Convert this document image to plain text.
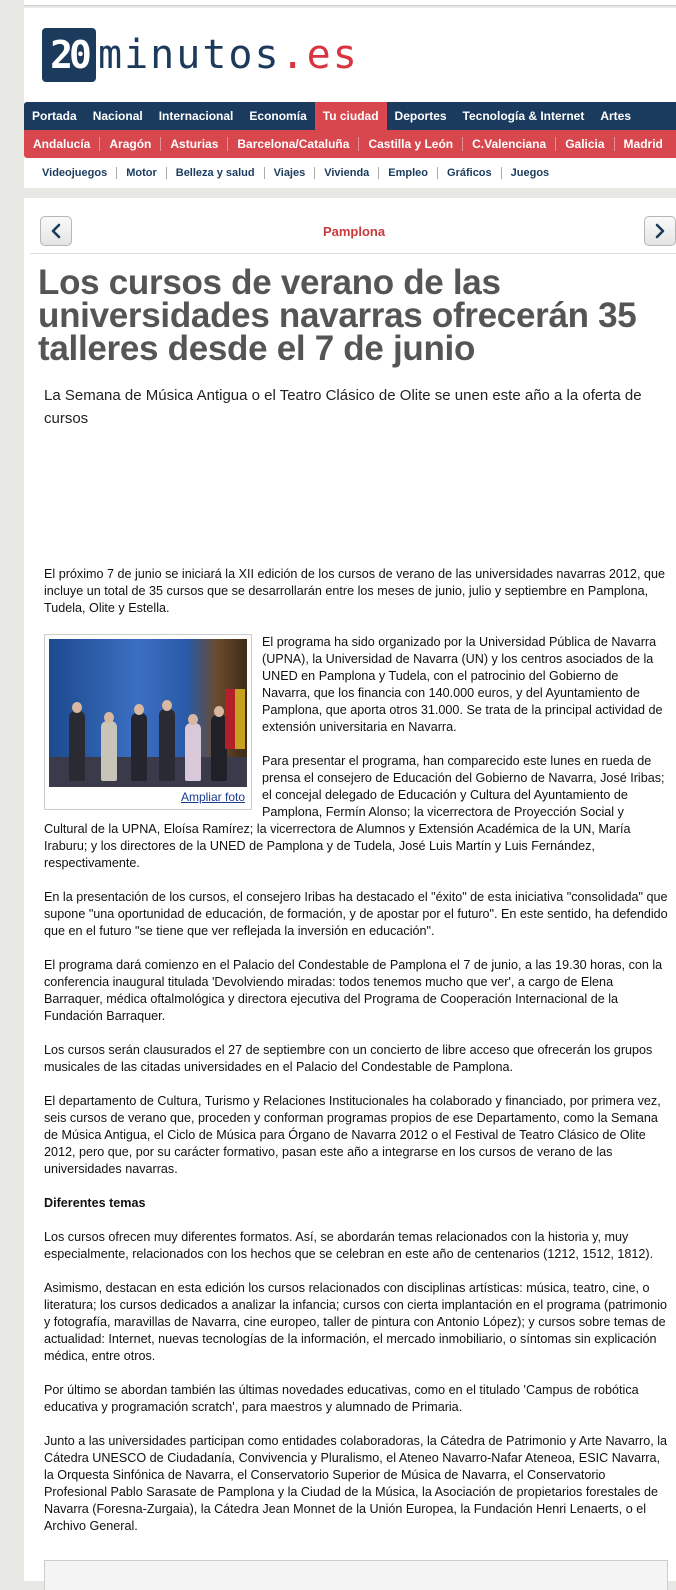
20 minutos.es
Portada	Nacional	Internacional	Economía	Tu ciudad	Deportes	Tecnología & Internet	Artes
Andalucía	Aragón	Asturias	Barcelona/Cataluña	Castilla y León	C.Valenciana	Galicia	Madrid
Videojuegos	Motor	Belleza y salud	Viajes	Vivienda	Empleo	Gráficos	Juegos
Pamplona
Los cursos de verano de las universidades navarras ofrecerán 35 talleres desde el 7 de junio
La Semana de Música Antigua o el Teatro Clásico de Olite se unen este año a la oferta de cursos

El próximo 7 de junio se iniciará la XII edición de los cursos de verano de las universidades navarras 2012, que incluye un total de 35 cursos que se desarrollarán entre los meses de junio, julio y septiembre en Pamplona, Tudela, Olite y Estella.

Ampliar foto

El programa ha sido organizado por la Universidad Pública de Navarra (UPNA), la Universidad de Navarra (UN) y los centros asociados de la UNED en Pamplona y Tudela, con el patrocinio del Gobierno de Navarra, que los financia con 140.000 euros, y del Ayuntamiento de Pamplona, que aporta otros 31.000. Se trata de la principal actividad de extensión universitaria en Navarra.

Para presentar el programa, han comparecido este lunes en rueda de prensa el consejero de Educación del Gobierno de Navarra, José Iribas; el concejal delegado de Educación y Cultura del Ayuntamiento de Pamplona, Fermín Alonso; la vicerrectora de Proyección Social y Cultural de la UPNA, Eloísa Ramírez; la vicerrectora de Alumnos y Extensión Académica de la UN, María Iraburu; y los directores de la UNED de Pamplona y de Tudela, José Luis Martín y Luis Fernández, respectivamente.

En la presentación de los cursos, el consejero Iribas ha destacado el "éxito" de esta iniciativa "consolidada" que supone "una oportunidad de educación, de formación, y de apostar por el futuro". En este sentido, ha defendido que en el futuro "se tiene que ver reflejada la inversión en educación".

El programa dará comienzo en el Palacio del Condestable de Pamplona el 7 de junio, a las 19.30 horas, con la conferencia inaugural titulada 'Devolviendo miradas: todos tenemos mucho que ver', a cargo de Elena Barraquer, médica oftalmológica y directora ejecutiva del Programa de Cooperación Internacional de la Fundación Barraquer.

Los cursos serán clausurados el 27 de septiembre con un concierto de libre acceso que ofrecerán los grupos musicales de las citadas universidades en el Palacio del Condestable de Pamplona.

El departamento de Cultura, Turismo y Relaciones Institucionales ha colaborado y financiado, por primera vez, seis cursos de verano que, proceden y conforman programas propios de ese Departamento, como la Semana de Música Antigua, el Ciclo de Música para Órgano de Navarra 2012 o el Festival de Teatro Clásico de Olite 2012, pero que, por su carácter formativo, pasan este año a integrarse en los cursos de verano de las universidades navarras.

Diferentes temas

Los cursos ofrecen muy diferentes formatos. Así, se abordarán temas relacionados con la historia y, muy especialmente, relacionados con los hechos que se celebran en este año de centenarios (1212, 1512, 1812).

Asimismo, destacan en esta edición los cursos relacionados con disciplinas artísticas: música, teatro, cine, o literatura; los cursos dedicados a analizar la infancia; cursos con cierta implantación en el programa (patrimonio y fotografía, maravillas de Navarra, cine europeo, taller de pintura con Antonio López); y cursos sobre temas de actualidad: Internet, nuevas tecnologías de la información, el mercado inmobiliario, o síntomas sin explicación médica, entre otros.

Por último se abordan también las últimas novedades educativas, como en el titulado 'Campus de robótica educativa y programación scratch', para maestros y alumnado de Primaria.

Junto a las universidades participan como entidades colaboradoras, la Cátedra de Patrimonio y Arte Navarro, la Cátedra UNESCO de Ciudadanía, Convivencia y Pluralismo, el Ateneo Navarro-Nafar Ateneoa, ESIC Navarra, la Orquesta Sinfónica de Navarra, el Conservatorio Superior de Música de Navarra, el Conservatorio Profesional Pablo Sarasate de Pamplona y la Ciudad de la Música, la Asociación de propietarios forestales de Navarra (Foresna-Zurgaia), la Cátedra Jean Monnet de la Unión Europea, la Fundación Henri Lenaerts, o el Archivo General.
